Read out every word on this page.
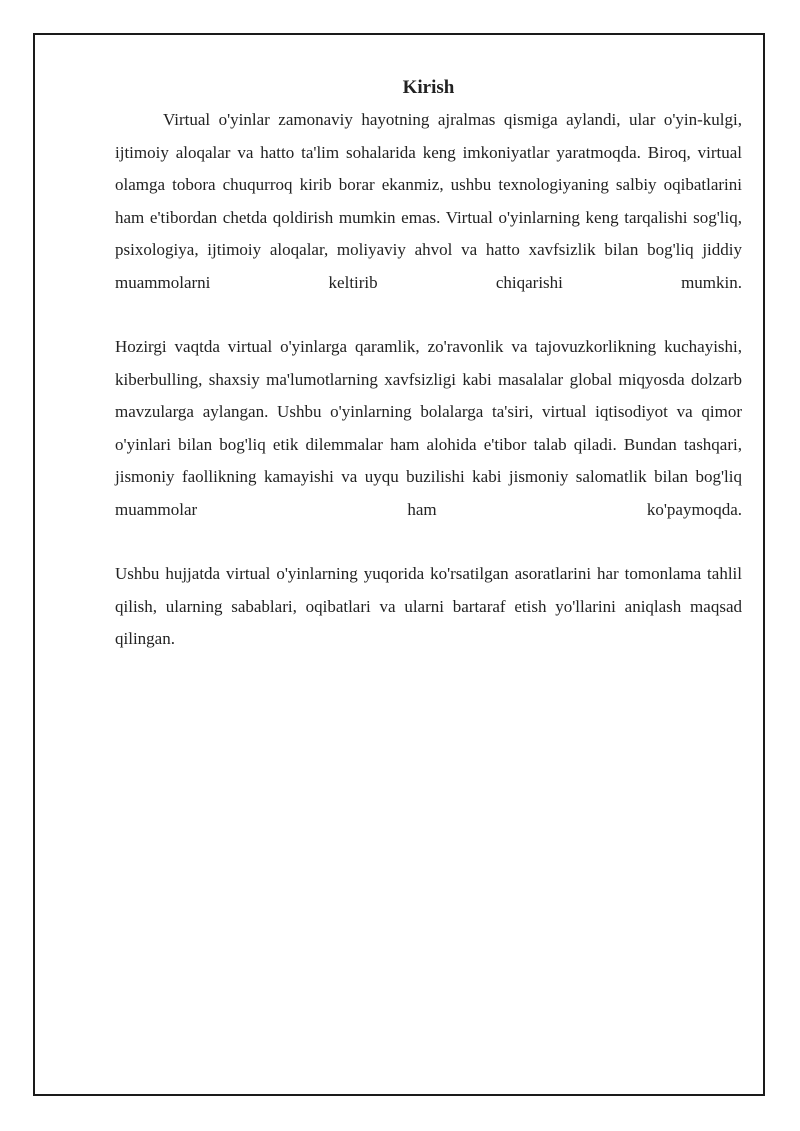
Kirish

Virtual o'yinlar zamonaviy hayotning ajralmas qismiga aylandi, ular o'yin-kulgi, ijtimoiy aloqalar va hatto ta'lim sohalarida keng imkoniyatlar yaratmoqda. Biroq, virtual olamga tobora chuqurroq kirib borar ekanmiz, ushbu texnologiyaning salbiy oqibatlarini ham e'tibordan chetda qoldirish mumkin emas. Virtual o'yinlarning keng tarqalishi sog'liq, psixologiya, ijtimoiy aloqalar, moliyaviy ahvol va hatto xavfsizlik bilan bog'liq jiddiy muammolarni keltirib chiqarishi mumkin.

Hozirgi vaqtda virtual o'yinlarga qaramlik, zo'ravonlik va tajovuzkorlikning kuchayishi, kiberbulling, shaxsiy ma'lumotlarning xavfsizligi kabi masalalar global miqyosda dolzarb mavzularga aylangan. Ushbu o'yinlarning bolalarga ta'siri, virtual iqtisodiyot va qimor o'yinlari bilan bog'liq etik dilemmalar ham alohida e'tibor talab qiladi. Bundan tashqari, jismoniy faollikning kamayishi va uyqu buzilishi kabi jismoniy salomatlik bilan bog'liq muammolar ham ko'paymoqda.

Ushbu hujjatda virtual o'yinlarning yuqorida ko'rsatilgan asoratlarini har tomonlama tahlil qilish, ularning sabablari, oqibatlari va ularni bartaraf etish yo'llarini aniqlash maqsad qilingan.
